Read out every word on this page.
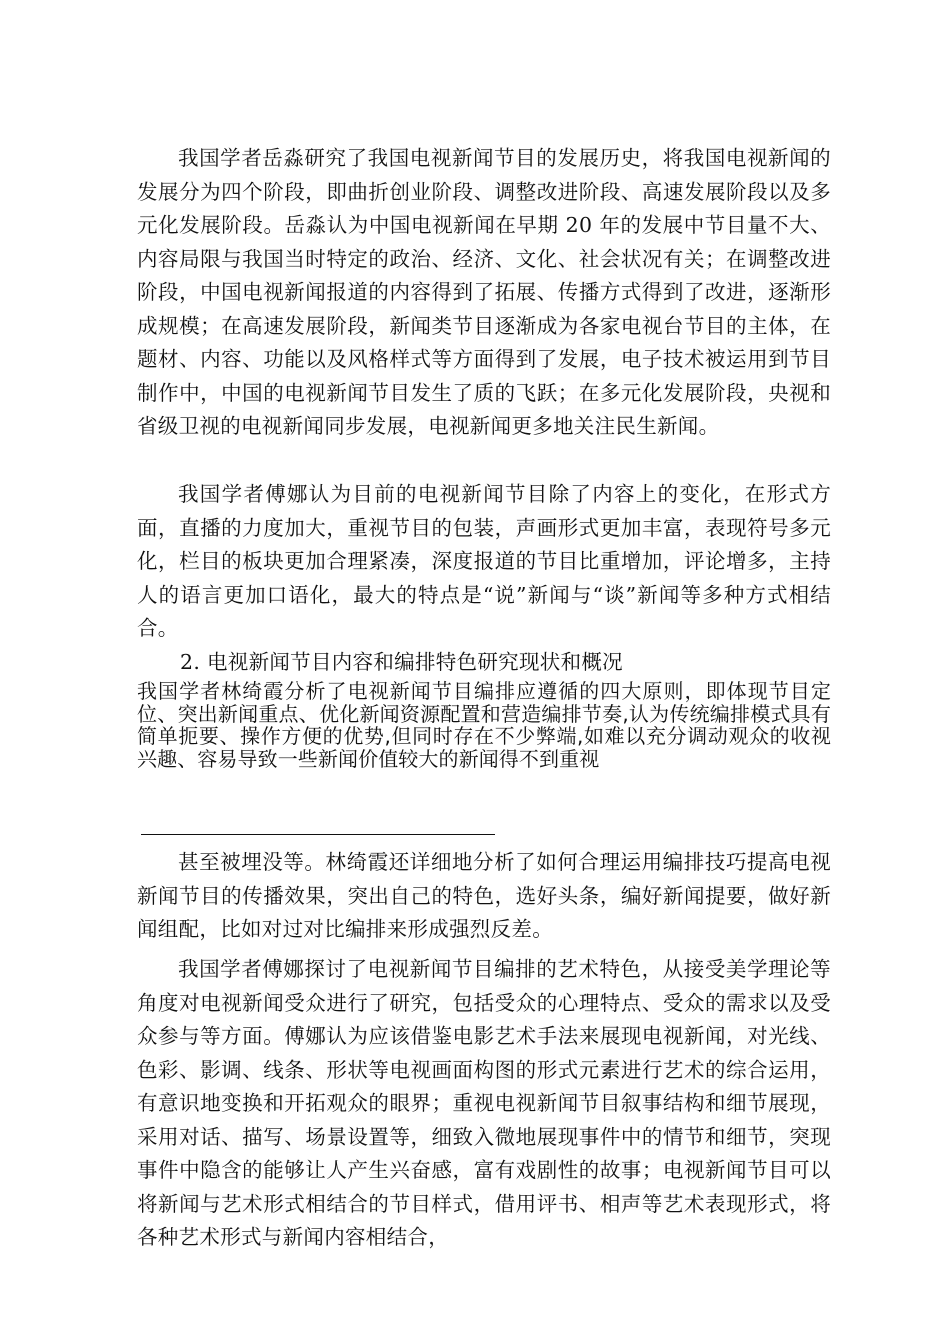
我国学者岳淼研究了我国电视新闻节目的发展历史，将我国电视新闻的发展分为四个阶段，即曲折创业阶段、调整改进阶段、高速发展阶段以及多元化发展阶段。岳淼认为中国电视新闻在早期 20 年的发展中节目量不大、内容局限与我国当时特定的政治、经济、文化、社会状况有关；在调整改进阶段，中国电视新闻报道的内容得到了拓展、传播方式得到了改进，逐渐形成规模；在高速发展阶段，新闻类节目逐渐成为各家电视台节目的主体，在题材、内容、功能以及风格样式等方面得到了发展，电子技术被运用到节目制作中，中国的电视新闻节目发生了质的飞跃；在多元化发展阶段，央视和省级卫视的电视新闻同步发展，电视新闻更多地关注民生新闻。

我国学者傅娜认为目前的电视新闻节目除了内容上的变化，在形式方面，直播的力度加大，重视节目的包装，声画形式更加丰富，表现符号多元化，栏目的板块更加合理紧凑，深度报道的节目比重增加，评论增多，主持人的语言更加口语化，最大的特点是“说”新闻与“谈”新闻等多种方式相结合。

2. 电视新闻节目内容和编排特色研究现状和概况

我国学者林绮霞分析了电视新闻节目编排应遵循的四大原则，即体现节目定位、突出新闻重点、优化新闻资源配置和营造编排节奏,认为传统编排模式具有简单扼要、操作方便的优势,但同时存在不少弊端,如难以充分调动观众的收视兴趣、容易导致一些新闻价值较大的新闻得不到重视

甚至被埋没等。林绮霞还详细地分析了如何合理运用编排技巧提高电视新闻节目的传播效果，突出自己的特色，选好头条，编好新闻提要，做好新闻组配，比如对过对比编排来形成强烈反差。

我国学者傅娜探讨了电视新闻节目编排的艺术特色，从接受美学理论等角度对电视新闻受众进行了研究，包括受众的心理特点、受众的需求以及受众参与等方面。傅娜认为应该借鉴电影艺术手法来展现电视新闻，对光线、色彩、影调、线条、形状等电视画面构图的形式元素进行艺术的综合运用，有意识地变换和开拓观众的眼界；重视电视新闻节目叙事结构和细节展现，采用对话、描写、场景设置等，细致入微地展现事件中的情节和细节，突现事件中隐含的能够让人产生兴奋感，富有戏剧性的故事；电视新闻节目可以将新闻与艺术形式相结合的节目样式，借用评书、相声等艺术表现形式，将各种艺术形式与新闻内容相结合，
